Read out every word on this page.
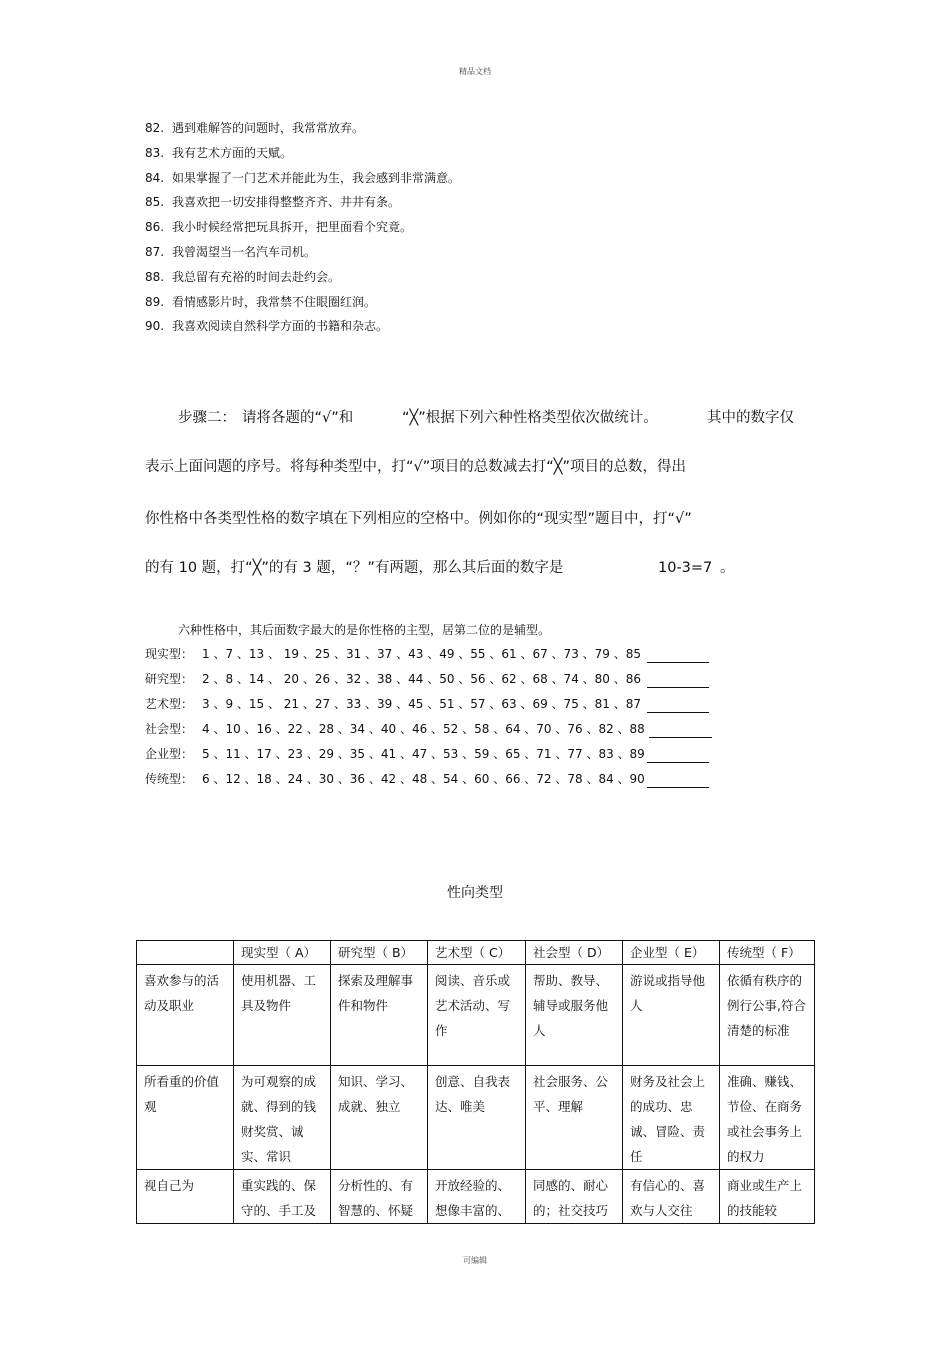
精品文档
82. 遇到难解答的问题时，我常常放弃。
83. 我有艺术方面的天赋。
84. 如果掌握了一门艺术并能此为生，我会感到非常满意。
85. 我喜欢把一切安排得整整齐齐、井井有条。
86. 我小时候经常把玩具拆开，把里面看个究竟。
87. 我曾渴望当一名汽车司机。
88. 我总留有充裕的时间去赴约会。
89. 看情感影片时，我常禁不住眼圈红润。
90. 我喜欢阅读自然科学方面的书籍和杂志。
步骤二： 请将各题的“√”和	“╳”根据下列六种性格类型依次做统计。	其中的数字仅
表示上面问题的序号。将每种类型中，打“√”项目的总数减去打“╳”项目的总数，得出
你性格中各类型性格的数字填在下列相应的空格中。例如你的“现实型”题目中，打“√”
的有 10 题，打“╳”的有 3 题，“？”有两题，那么其后面的数字是	10-3=7 。
六种性格中，其后面数字最大的是你性格的主型，居第二位的是辅型。
现实型： 1 、7 、13 、 19 、25 、31 、37 、43 、49 、55 、61 、67 、73 、79 、85
研究型： 2 、8 、14 、 20 、26 、32 、38 、44 、50 、56 、62 、68 、74 、80 、86
艺术型： 3 、9 、15 、 21 、27 、33 、39 、45 、51 、57 、63 、69 、75 、81 、87
社会型： 4 、10 、16 、22 、28 、34 、40 、46 、52 、58 、64 、70 、76 、82 、88
企业型： 5 、11 、17 、23 、29 、35 、41 、47 、53 、59 、65 、71 、77 、83 、89
传统型： 6 、12 、18 、24 、30 、36 、42 、48 、54 、60 、66 、72 、78 、84 、90
性向类型
	现实型（ A）	研究型（ B）	艺术型（ C）	社会型（ D）	企业型（ E）	传统型（ F）
喜欢参与的活动及职业	使用机器、工具及物件	探索及理解事件和物件	阅读、音乐或艺术活动、写作	帮助、教导、辅导或服务他人	游说或指导他人	依循有秩序的例行公事,符合清楚的标准
所看重的价值观	为可观察的成就、得到的钱财奖赏、诚实、常识	知识、学习、成就、独立	创意、自我表达、唯美	社会服务、公平、理解	财务及社会上的成功、忠诚、冒险、责任	准确、赚钱、节俭、在商务或社会事务上的权力
视自己为	重实践的、保守的、手工及	分析性的、有智慧的、怀疑	开放经验的、想像丰富的、	同感的、耐心的；社交技巧	有信心的、喜欢与人交往	商业或生产上的技能较
可编辑
